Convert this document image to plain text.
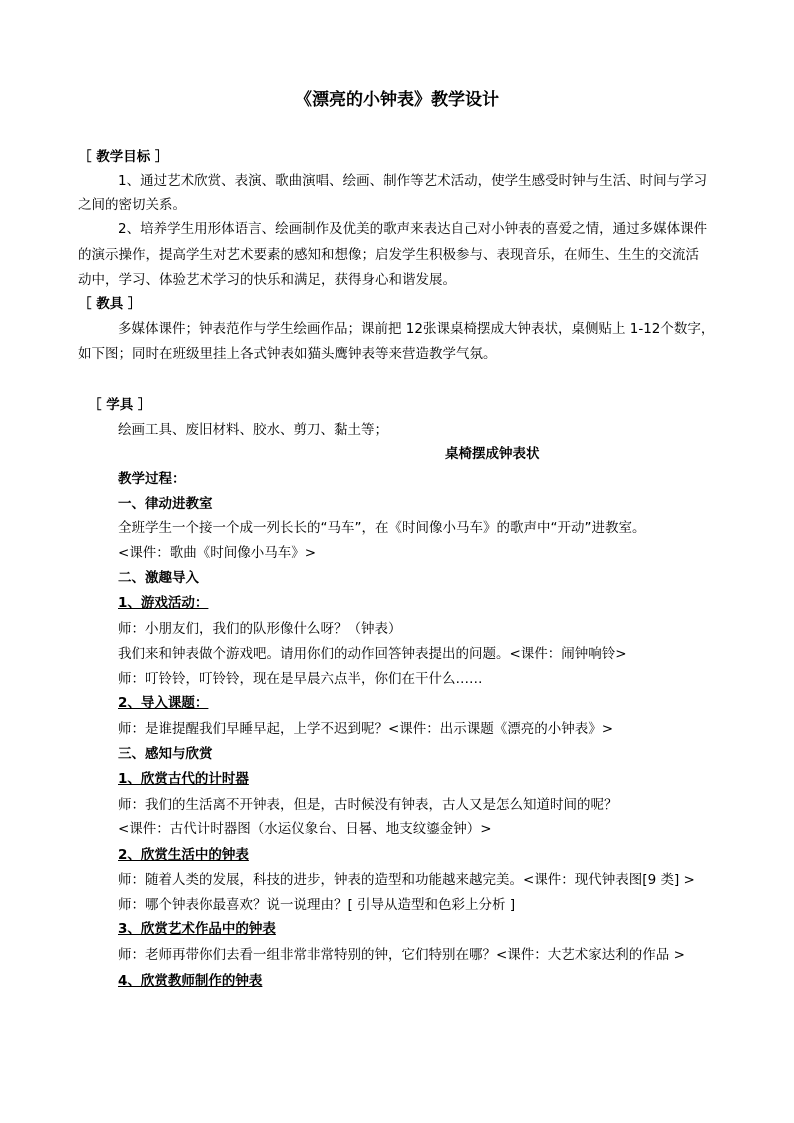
《漂亮的小钟表》教学设计
［ 教学目标 ］
1、通过艺术欣赏、表演、歌曲演唱、绘画、制作等艺术活动，使学生感受时钟与生活、时间与学习
之间的密切关系。
2、培养学生用形体语言、绘画制作及优美的歌声来表达自己对小钟表的喜爱之情，通过多媒体课件
的演示操作，提高学生对艺术要素的感知和想像；启发学生积极参与、表现音乐，在师生、生生的交流活
动中，学习、体验艺术学习的快乐和满足，获得身心和谐发展。
［ 教具 ］
多媒体课件；钟表范作与学生绘画作品；课前把 12张课桌椅摆成大钟表状，桌侧贴上 1-12个数字，
如下图；同时在班级里挂上各式钟表如猫头鹰钟表等来营造教学气氛。
［ 学具 ］
绘画工具、废旧材料、胶水、剪刀、黏土等；
桌椅摆成钟表状
教学过程：
一、律动进教室
全班学生一个接一个成一列长长的“马车”，在《时间像小马车》的歌声中“开动”进教室。
<课件：歌曲《时间像小马车》>
二、激趣导入
1、游戏活动：
师：小朋友们，我们的队形像什么呀？（钟表）
我们来和钟表做个游戏吧。请用你们的动作回答钟表提出的问题。<课件：闹钟响铃>
师：叮铃铃，叮铃铃，现在是早晨六点半，你们在干什么……
2、导入课题：
师：是谁提醒我们早睡早起，上学不迟到呢？<课件：出示课题《漂亮的小钟表》>
三、感知与欣赏
1、欣赏古代的计时器
师：我们的生活离不开钟表，但是，古时候没有钟表，古人又是怎么知道时间的呢？
<课件：古代计时器图（水运仪象台、日晷、地支纹鎏金钟）>
2、欣赏生活中的钟表
师：随着人类的发展，科技的进步，钟表的造型和功能越来越完美。<课件：现代钟表图[9 类] >
师：哪个钟表你最喜欢？说一说理由？[ 引导从造型和色彩上分析 ]
3、欣赏艺术作品中的钟表
师：老师再带你们去看一组非常非常特别的钟，它们特别在哪？<课件：大艺术家达利的作品 >
4、欣赏教师制作的钟表
